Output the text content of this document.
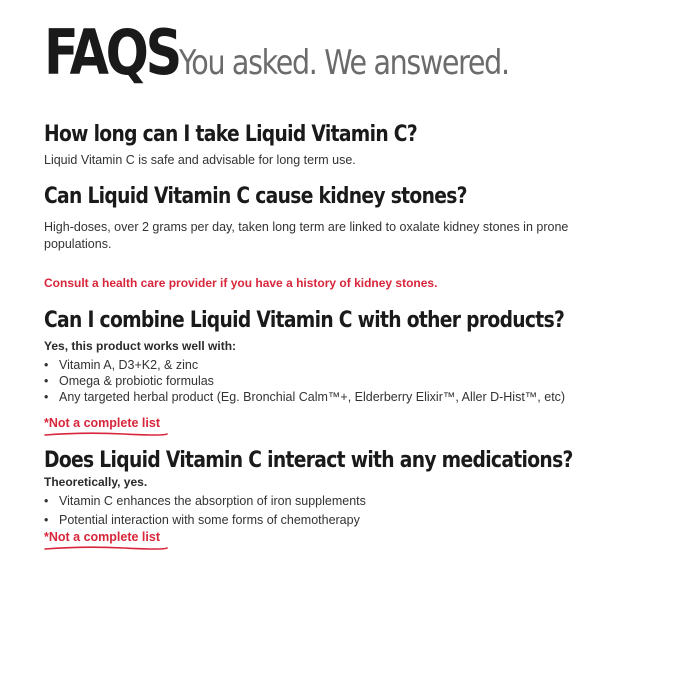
FAQS You asked. We answered.
How long can I take Liquid Vitamin C?

Liquid Vitamin C is safe and advisable for long term use.

Can Liquid Vitamin C cause kidney stones?

High-doses, over 2 grams per day, taken long term are linked to oxalate kidney stones in prone populations.

Consult a health care provider if you have a history of kidney stones.

Can I combine Liquid Vitamin C with other products?

Yes, this product works well with:

• Vitamin A, D3+K2, & zinc
• Omega & probiotic formulas
• Any targeted herbal product (Eg. Bronchial Calm™+, Elderberry Elixir™, Aller D-Hist™, etc)

*Not a complete list

Does Liquid Vitamin C interact with any medications?

Theoretically, yes.

• Vitamin C enhances the absorption of iron supplements
• Potential interaction with some forms of chemotherapy

*Not a complete list
